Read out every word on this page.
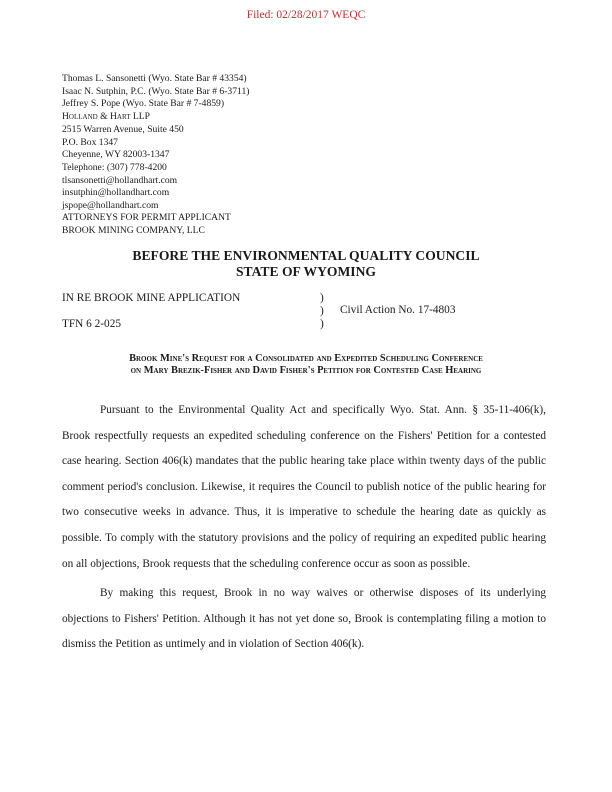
Filed: 02/28/2017 WEQC
Thomas L. Sansonetti (Wyo. State Bar # 43354)
Isaac N. Sutphin, P.C. (Wyo. State Bar # 6-3711)
Jeffrey S. Pope (Wyo. State Bar # 7-4859)
Holland & Hart LLP
2515 Warren Avenue, Suite 450
P.O. Box 1347
Cheyenne, WY 82003-1347
Telephone: (307) 778-4200
tlsansonetti@hollandhart.com
insutphin@hollandhart.com
jspope@hollandhart.com
ATTORNEYS FOR PERMIT APPLICANT
BROOK MINING COMPANY, LLC
BEFORE THE ENVIRONMENTAL QUALITY COUNCIL
STATE OF WYOMING
IN RE BROOK MINE APPLICATION
TFN 6 2-025
)
)
)
Civil Action No. 17-4803
Brook Mine's Request for a Consolidated and Expedited Scheduling Conference
on Mary Brezik-Fisher and David Fisher's Petition for Contested Case Hearing

Pursuant to the Environmental Quality Act and specifically Wyo. Stat. Ann. § 35-11-406(k), Brook respectfully requests an expedited scheduling conference on the Fishers' Petition for a contested case hearing. Section 406(k) mandates that the public hearing take place within twenty days of the public comment period's conclusion. Likewise, it requires the Council to publish notice of the public hearing for two consecutive weeks in advance. Thus, it is imperative to schedule the hearing date as quickly as possible. To comply with the statutory provisions and the policy of requiring an expedited public hearing on all objections, Brook requests that the scheduling conference occur as soon as possible.

By making this request, Brook in no way waives or otherwise disposes of its underlying objections to Fishers' Petition. Although it has not yet done so, Brook is contemplating filing a motion to dismiss the Petition as untimely and in violation of Section 406(k).
